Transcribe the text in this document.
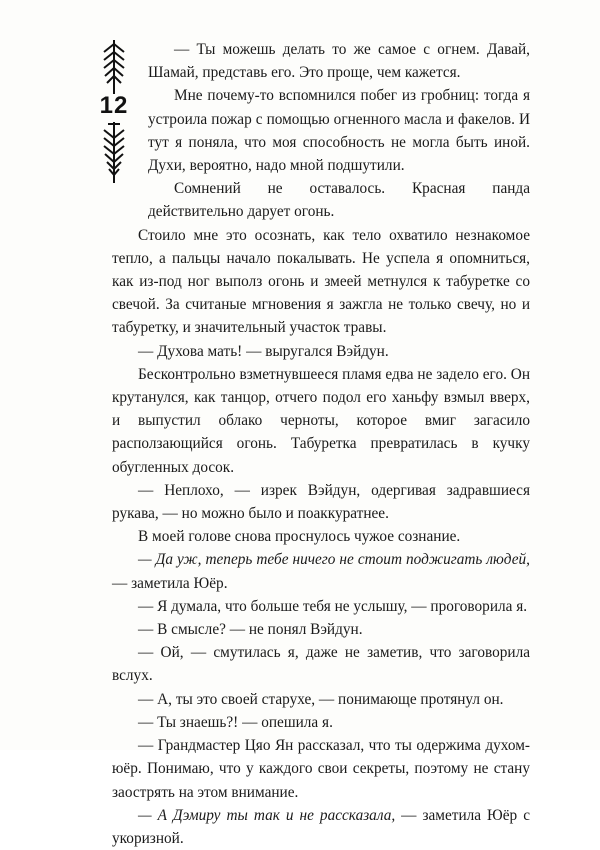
12

— Ты можешь делать то же самое с огнем. Давай, Шамай, представь его. Это проще, чем кажется.

Мне почему-то вспомнился побег из гробниц: тогда я устроила пожар с помощью огненного масла и факелов. И тут я поняла, что моя способность не могла быть иной. Духи, вероятно, надо мной подшутили.

Сомнений не оставалось. Красная панда действительно дарует огонь.

Стоило мне это осознать, как тело охватило незнакомое тепло, а пальцы начало покалывать. Не успела я опомниться, как из-под ног выполз огонь и змеей метнулся к табуретке со свечой. За считаные мгновения я зажгла не только свечу, но и табуретку, и значительный участок травы.

— Духова мать! — выругался Вэйдун.

Бесконтрольно взметнувшееся пламя едва не задело его. Он крутанулся, как танцор, отчего подол его ханьфу взмыл вверх, и выпустил облако черноты, которое вмиг загасило расползающийся огонь. Табуретка превратилась в кучку обугленных досок.

— Неплохо, — изрек Вэйдун, одергивая задравшиеся рукава, — но можно было и поаккуратнее.

В моей голове снова проснулось чужое сознание.

— Да уж, теперь тебе ничего не стоит поджигать людей, — заметила Юёр.

— Я думала, что больше тебя не услышу, — проговорила я.

— В смысле? — не понял Вэйдун.

— Ой, — смутилась я, даже не заметив, что заговорила вслух.

— А, ты это своей старухе, — понимающе протянул он.

— Ты знаешь?! — опешила я.

— Грандмастер Цяо Ян рассказал, что ты одержима духом-юёр. Понимаю, что у каждого свои секреты, поэтому не стану заострять на этом внимание.

— А Дэмиру ты так и не рассказала, — заметила Юёр с укоризной.
